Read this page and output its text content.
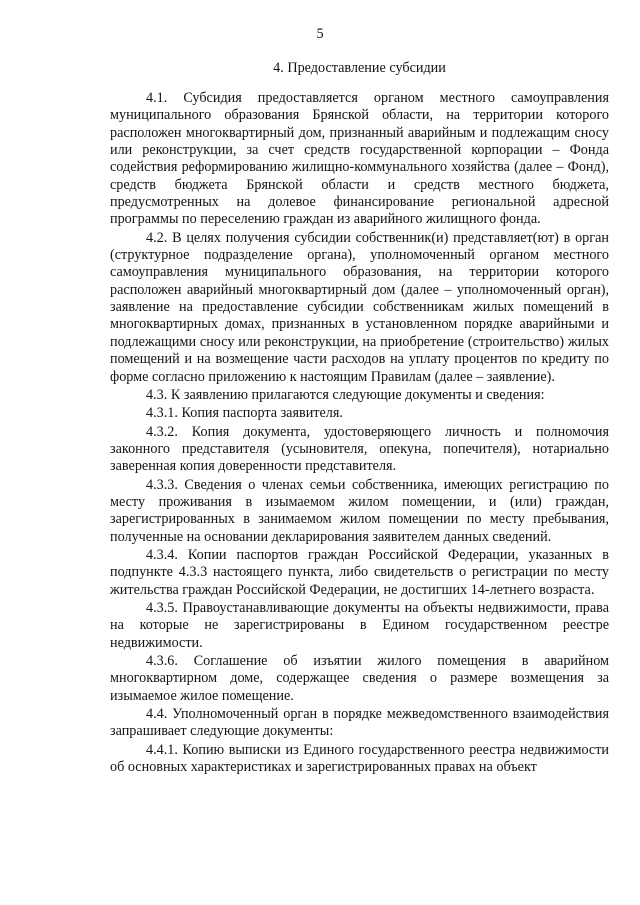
5
4. Предоставление субсидии

4.1. Субсидия предоставляется органом местного самоуправления муниципального образования Брянской области, на территории которого расположен многоквартирный дом, признанный аварийным и подлежащим сносу или реконструкции, за счет средств государственной корпорации – Фонда содействия реформированию жилищно-коммунального хозяйства (далее – Фонд), средств бюджета Брянской области и средств местного бюджета, предусмотренных на долевое финансирование региональной адресной программы по переселению граждан из аварийного жилищного фонда.

4.2. В целях получения субсидии собственник(и) представляет(ют) в орган (структурное подразделение органа), уполномоченный органом местного самоуправления муниципального образования, на территории которого расположен аварийный многоквартирный дом (далее – уполномоченный орган), заявление на предоставление субсидии собственникам жилых помещений в многоквартирных домах, признанных в установленном порядке аварийными и подлежащими сносу или реконструкции, на приобретение (строительство) жилых помещений и на возмещение части расходов на уплату процентов по кредиту по форме согласно приложению к настоящим Правилам (далее – заявление).

4.3. К заявлению прилагаются следующие документы и сведения:

4.3.1. Копия паспорта заявителя.

4.3.2. Копия документа, удостоверяющего личность и полномочия законного представителя (усыновителя, опекуна, попечителя), нотариально заверенная копия доверенности представителя.

4.3.3. Сведения о членах семьи собственника, имеющих регистрацию по месту проживания в изымаемом жилом помещении, и (или) граждан, зарегистрированных в занимаемом жилом помещении по месту пребывания, полученные на основании декларирования заявителем данных сведений.

4.3.4. Копии паспортов граждан Российской Федерации, указанных в подпункте 4.3.3 настоящего пункта, либо свидетельств о регистрации по месту жительства граждан Российской Федерации, не достигших 14-летнего возраста.

4.3.5. Правоустанавливающие документы на объекты недвижимости, права на которые не зарегистрированы в Едином государственном реестре недвижимости.

4.3.6. Соглашение об изъятии жилого помещения в аварийном многоквартирном доме, содержащее сведения о размере возмещения за изымаемое жилое помещение.

4.4. Уполномоченный орган в порядке межведомственного взаимодействия запрашивает следующие документы:

4.4.1. Копию выписки из Единого государственного реестра недвижимости об основных характеристиках и зарегистрированных правах на объект
